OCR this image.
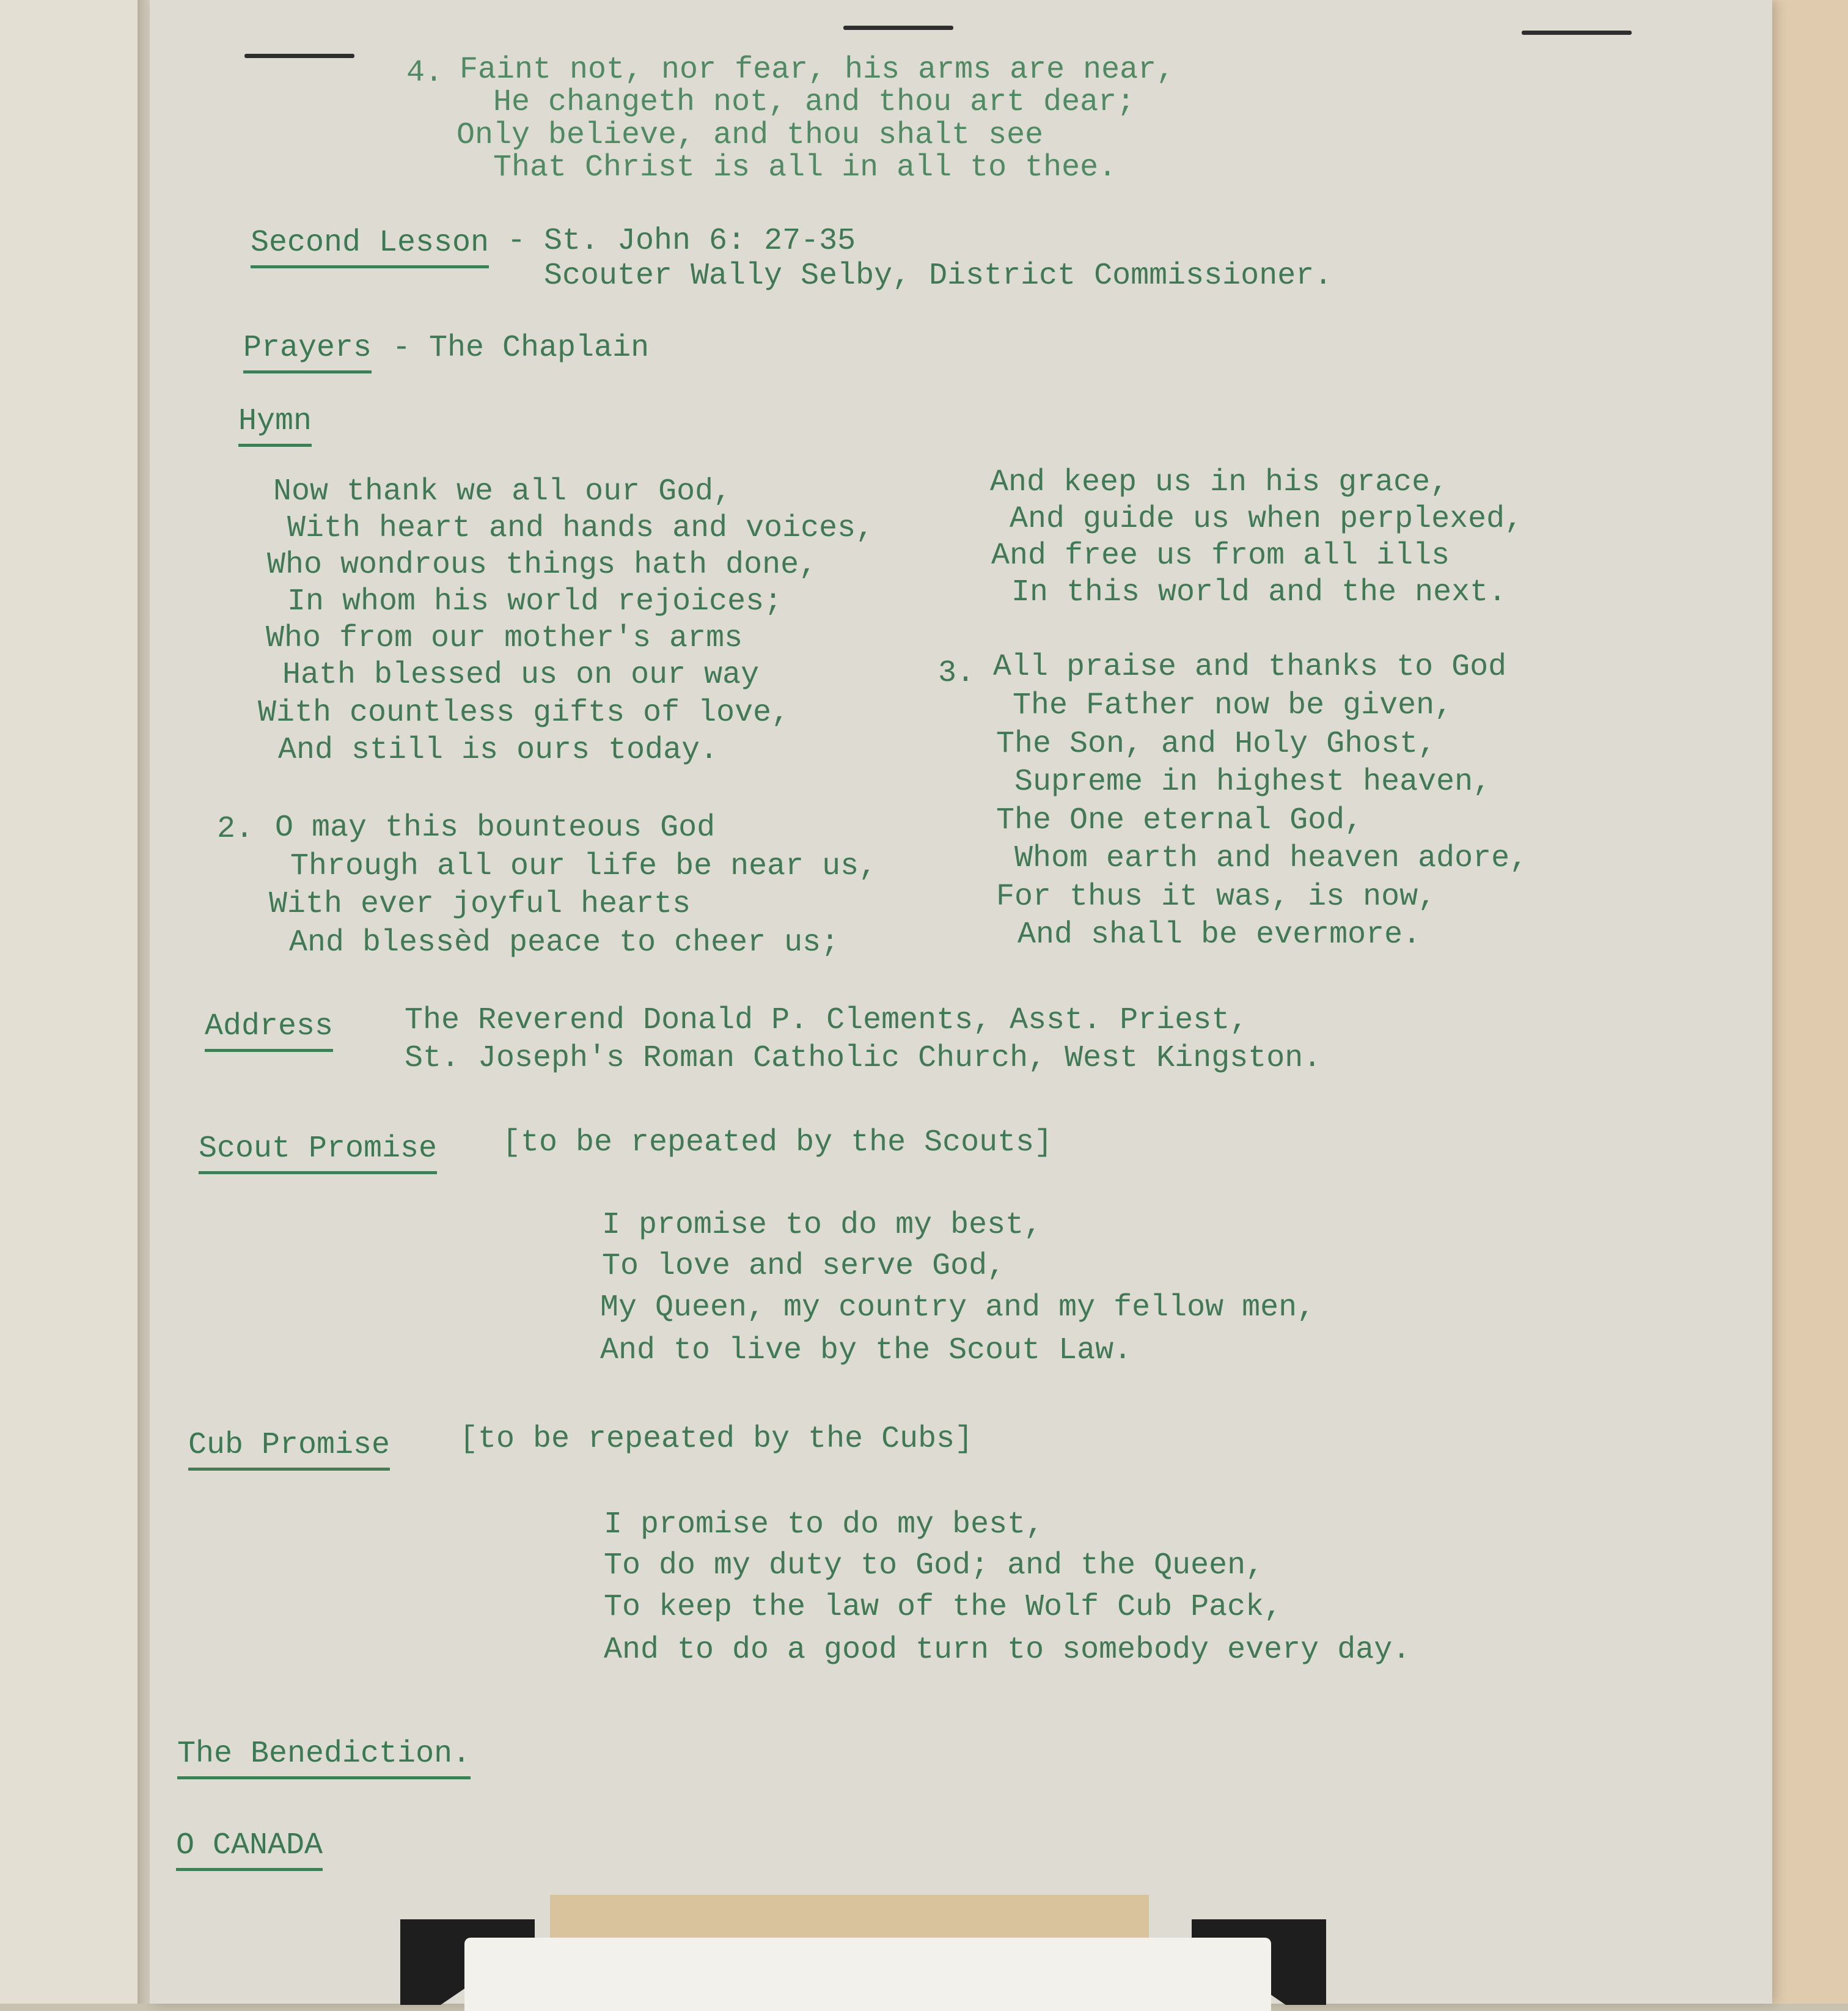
4. Faint not, nor fear, his arms are near,
He changeth not, and thou art dear;
Only believe, and thou shalt see
That Christ is all in all to thee.
Second Lesson - St. John 6: 27-35
Scouter Wally Selby, District Commissioner.
Prayers - The Chaplain
Hymn
Now thank we all our God,
With heart and hands and voices,
Who wondrous things hath done,
In whom his world rejoices;
Who from our mother's arms
Hath blessed us on our way
With countless gifts of love,
And still is ours today.
2. O may this bounteous God
Through all our life be near us,
With ever joyful hearts
And blessèd peace to cheer us;
And keep us in his grace,
And guide us when perplexed,
And free us from all ills
In this world and the next.
3. All praise and thanks to God
The Father now be given,
The Son, and Holy Ghost,
Supreme in highest heaven,
The One eternal God,
Whom earth and heaven adore,
For thus it was, is now,
And shall be evermore.
Address The Reverend Donald P. Clements, Asst. Priest,
St. Joseph's Roman Catholic Church, West Kingston.
Scout Promise [to be repeated by the Scouts]
I promise to do my best,
To love and serve God,
My Queen, my country and my fellow men,
And to live by the Scout Law.
Cub Promise [to be repeated by the Cubs]
I promise to do my best,
To do my duty to God; and the Queen,
To keep the law of the Wolf Cub Pack,
And to do a good turn to somebody every day.
The Benediction.
O CANADA
